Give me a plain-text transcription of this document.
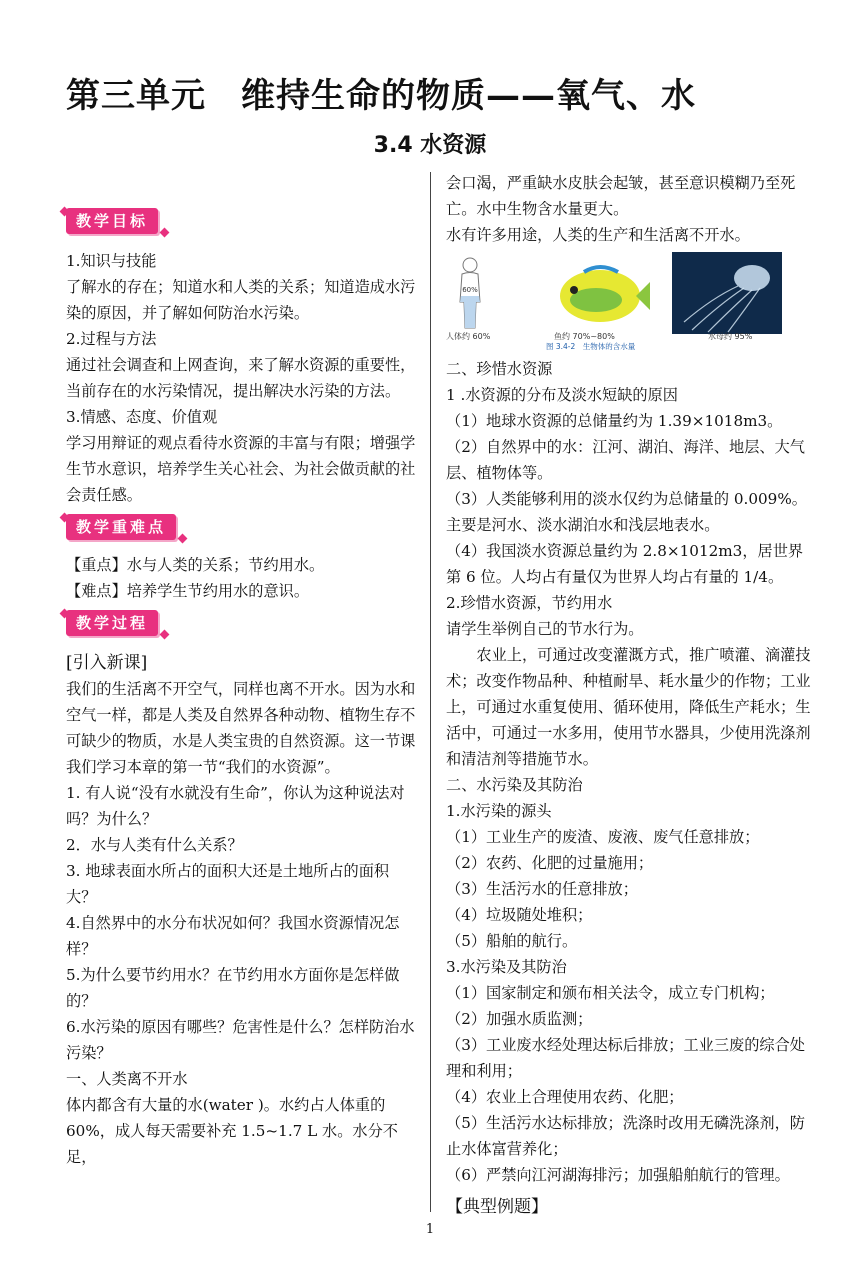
第三单元　维持生命的物质——氧气、水
3.4 水资源
教学目标

1.知识与技能

了解水的存在；知道水和人类的关系；知道造成水污染的原因，并了解如何防治水污染。

2.过程与方法

通过社会调查和上网查询，来了解水资源的重要性，当前存在的水污染情况，提出解决水污染的方法。

3.情感、态度、价值观

学习用辩证的观点看待水资源的丰富与有限；增强学生节水意识，培养学生关心社会、为社会做贡献的社会责任感。

教学重难点

【重点】水与人类的关系；节约用水。

【难点】培养学生节约用水的意识。

教学过程

[引入新课]

我们的生活离不开空气，同样也离不开水。因为水和空气一样，都是人类及自然界各种动物、植物生存不可缺少的物质，水是人类宝贵的自然资源。这一节课我们学习本章的第一节“我们的水资源”。

1. 有人说“没有水就没有生命”，你认为这种说法对吗？为什么？

2．水与人类有什么关系？

3. 地球表面水所占的面积大还是土地所占的面积大？

4.自然界中的水分布状况如何？我国水资源情况怎样？

5.为什么要节约用水？在节约用水方面你是怎样做的？

6.水污染的原因有哪些？危害性是什么？怎样防治水污染？

一、人类离不开水

体内都含有大量的水(water )。水约占人体重的60%，成人每天需要补充 1.5~1.7 L 水。水分不足，

会口渴，严重缺水皮肤会起皱，甚至意识模糊乃至死亡。水中生物含水量更大。

水有许多用途，人类的生产和生活离不开水。

60%
人体约 60%	鱼约 70%~80%	水母约 95%
图 3.4-2　生物体的含水量

二、珍惜水资源

1 .水资源的分布及淡水短缺的原因

（1）地球水资源的总储量约为 1.39×1018m3。

（2）自然界中的水：江河、湖泊、海洋、地层、大气层、植物体等。

（3）人类能够利用的淡水仅约为总储量的 0.009%。主要是河水、淡水湖泊水和浅层地表水。

（4）我国淡水资源总量约为 2.8×1012m3，居世界第 6 位。人均占有量仅为世界人均占有量的 1/4。

2.珍惜水资源，节约用水

请学生举例自己的节水行为。

农业上，可通过改变灌溉方式，推广喷灌、滴灌技术；改变作物品种、种植耐旱、耗水量少的作物；工业上，可通过水重复使用、循环使用，降低生产耗水；生活中，可通过一水多用，使用节水器具，少使用洗涤剂和清洁剂等措施节水。

二、水污染及其防治

1.水污染的源头

（1）工业生产的废渣、废液、废气任意排放；

（2）农药、化肥的过量施用；

（3）生活污水的任意排放；

（4）垃圾随处堆积；

（5）船舶的航行。

3.水污染及其防治

（1）国家制定和颁布相关法令，成立专门机构；

（2）加强水质监测；

（3）工业废水经处理达标后排放；工业三废的综合处理和利用；

（4）农业上合理使用农药、化肥；

（5）生活污水达标排放；洗涤时改用无磷洗涤剂，防止水体富营养化；

（6）严禁向江河湖海排污；加强船舶航行的管理。

【典型例题】

1
